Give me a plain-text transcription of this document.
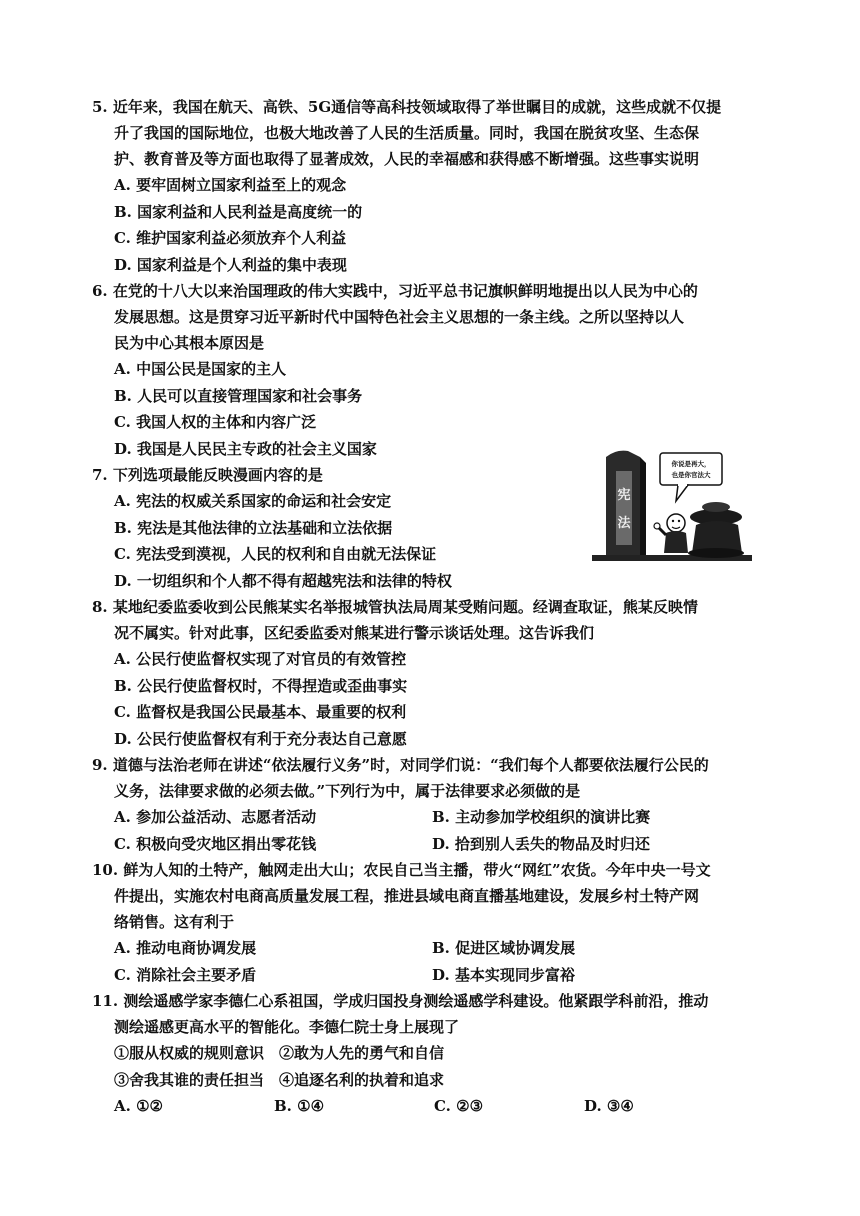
5. 近年来，我国在航天、高铁、5G通信等高科技领域取得了举世瞩目的成就，这些成就不仅提
升了我国的国际地位，也极大地改善了人民的生活质量。同时，我国在脱贫攻坚、生态保
护、教育普及等方面也取得了显著成效，人民的幸福感和获得感不断增强。这些事实说明
A. 要牢固树立国家利益至上的观念
B. 国家利益和人民利益是高度统一的
C. 维护国家利益必须放弃个人利益
D. 国家利益是个人利益的集中表现
6. 在党的十八大以来治国理政的伟大实践中，习近平总书记旗帜鲜明地提出以人民为中心的
发展思想。这是贯穿习近平新时代中国特色社会主义思想的一条主线。之所以坚持以人
民为中心其根本原因是
A. 中国公民是国家的主人
B. 人民可以直接管理国家和社会事务
C. 我国人权的主体和内容广泛
D. 我国是人民民主专政的社会主义国家
7. 下列选项最能反映漫画内容的是
A. 宪法的权威关系国家的命运和社会安定
B. 宪法是其他法律的立法基础和立法依据
C. 宪法受到漠视，人民的权利和自由就无法保证
D. 一切组织和个人都不得有超越宪法和法律的特权
8. 某地纪委监委收到公民熊某实名举报城管执法局周某受贿问题。经调查取证，熊某反映情
况不属实。针对此事，区纪委监委对熊某进行警示谈话处理。这告诉我们
A. 公民行使监督权实现了对官员的有效管控
B. 公民行使监督权时，不得捏造或歪曲事实
C. 监督权是我国公民最基本、最重要的权利
D. 公民行使监督权有利于充分表达自己意愿
9. 道德与法治老师在讲述“依法履行义务”时，对同学们说：“我们每个人都要依法履行公民的
义务，法律要求做的必须去做。”下列行为中，属于法律要求必须做的是
A. 参加公益活动、志愿者活动	B. 主动参加学校组织的演讲比赛
C. 积极向受灾地区捐出零花钱	D. 拾到别人丢失的物品及时归还
10. 鲜为人知的土特产，触网走出大山；农民自己当主播，带火“网红”农货。今年中央一号文
件提出，实施农村电商高质量发展工程，推进县域电商直播基地建设，发展乡村土特产网
络销售。这有利于
A. 推动电商协调发展	B. 促进区域协调发展
C. 消除社会主要矛盾	D. 基本实现同步富裕
11. 测绘遥感学家李德仁心系祖国，学成归国投身测绘遥感学科建设。他紧跟学科前沿，推动
测绘遥感更高水平的智能化。李德仁院士身上展现了
①服从权威的规则意识　②敢为人先的勇气和自信
③舍我其谁的责任担当　④追逐名利的执着和追求
A. ①②	B. ①④	C. ②③	D. ③④
宪
法
你说是再大，
也是你官法大
